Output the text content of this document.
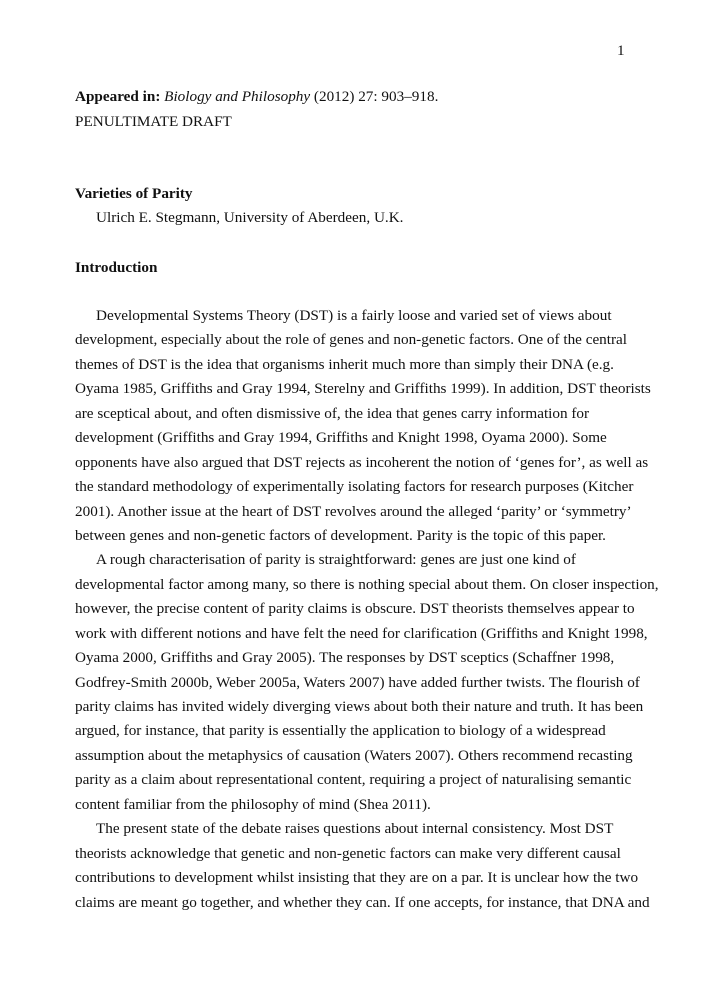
1
Appeared in: Biology and Philosophy (2012) 27: 903–918.
PENULTIMATE DRAFT
Varieties of Parity
Ulrich E. Stegmann, University of Aberdeen, U.K.
Introduction
Developmental Systems Theory (DST) is a fairly loose and varied set of views about
development, especially about the role of genes and non-genetic factors. One of the central
themes of DST is the idea that organisms inherit much more than simply their DNA (e.g.
Oyama 1985, Griffiths and Gray 1994, Sterelny and Griffiths 1999). In addition, DST theorists
are sceptical about, and often dismissive of, the idea that genes carry information for
development (Griffiths and Gray 1994, Griffiths and Knight 1998, Oyama 2000). Some
opponents have also argued that DST rejects as incoherent the notion of ‘genes for’, as well as
the standard methodology of experimentally isolating factors for research purposes (Kitcher
2001). Another issue at the heart of DST revolves around the alleged ‘parity’ or ‘symmetry’
between genes and non-genetic factors of development. Parity is the topic of this paper.
A rough characterisation of parity is straightforward: genes are just one kind of
developmental factor among many, so there is nothing special about them. On closer inspection,
however, the precise content of parity claims is obscure. DST theorists themselves appear to
work with different notions and have felt the need for clarification (Griffiths and Knight 1998,
Oyama 2000, Griffiths and Gray 2005). The responses by DST sceptics (Schaffner 1998,
Godfrey-Smith 2000b, Weber 2005a, Waters 2007) have added further twists. The flourish of
parity claims has invited widely diverging views about both their nature and truth. It has been
argued, for instance, that parity is essentially the application to biology of a widespread
assumption about the metaphysics of causation (Waters 2007). Others recommend recasting
parity as a claim about representational content, requiring a project of naturalising semantic
content familiar from the philosophy of mind (Shea 2011).
The present state of the debate raises questions about internal consistency. Most DST
theorists acknowledge that genetic and non-genetic factors can make very different causal
contributions to development whilst insisting that they are on a par. It is unclear how the two
claims are meant go together, and whether they can. If one accepts, for instance, that DNA and
